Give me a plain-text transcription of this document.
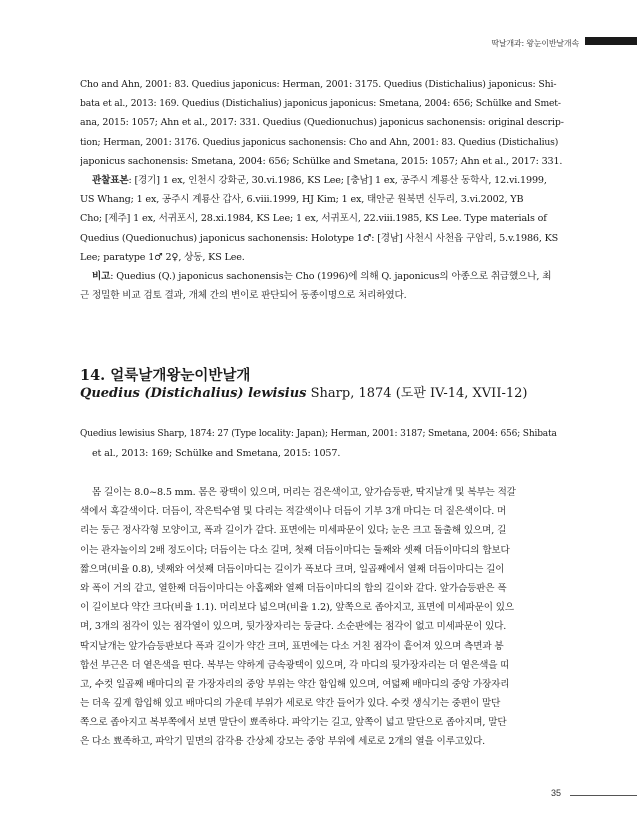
딱날개과: 왕눈이반날개속
Cho and Ahn, 2001: 83. Quedius japonicus: Herman, 2001: 3175. Quedius (Distichalius) japonicus: Shi-
bata et al., 2013: 169. Quedius (Distichalius) japonicus japonicus: Smetana, 2004: 656; Schülke and Smet-
ana, 2015: 1057; Ahn et al., 2017: 331. Quedius (Quedionuchus) japonicus sachonensis: original descrip-
tion; Herman, 2001: 3176. Quedius japonicus sachonensis: Cho and Ahn, 2001: 83. Quedius (Distichalius)
japonicus sachonensis: Smetana, 2004: 656; Schülke and Smetana, 2015: 1057; Ahn et al., 2017: 331.
관찰표본: [경기] 1 ex, 인천시 강화군, 30.vi.1986, KS Lee; [충남] 1 ex, 공주시 계룡산 동학사, 12.vi.1999,
US Whang; 1 ex, 공주시 계룡산 갑사, 6.viii.1999, HJ Kim; 1 ex, 태안군 원북면 신두리, 3.vi.2002, YB
Cho; [제주] 1 ex, 서귀포시, 28.xi.1984, KS Lee; 1 ex, 서귀포시, 22.viii.1985, KS Lee. Type materials of
Quedius (Quedionuchus) japonicus sachonensis: Holotype 1♂: [경남] 사천시 사천읍 구암리, 5.v.1986, KS
Lee; paratype 1♂ 2♀, 상동, KS Lee.
비고: Quedius (Q.) japonicus sachonensis는 Cho (1996)에 의해 Q. japonicus의 아종으로 취급했으나, 최
근 정밀한 비교 검토 결과, 개체 간의 변이로 판단되어 동종이명으로 처리하였다.
14. 얼룩날개왕눈이반날개
Quedius (Distichalius) lewisius Sharp, 1874 (도판 IV-14, XVII-12)
Quedius lewisius Sharp, 1874: 27 (Type locality: Japan); Herman, 2001: 3187; Smetana, 2004: 656; Shibata
et al., 2013: 169; Schülke and Smetana, 2015: 1057.
몸 길이는 8.0~8.5 mm. 몸은 광택이 있으며, 머리는 검은색이고, 앞가슴등판, 딱지날개 및 복부는 적갈
색에서 흑갈색이다. 더듬이, 작은턱수염 및 다리는 적갈색이나 더듬이 기부 3개 마디는 더 짙은색이다. 머
리는 둥근 정사각형 모양이고, 폭과 길이가 같다. 표면에는 미세파문이 있다; 눈은 크고 돌출해 있으며, 길
이는 관자놀이의 2배 정도이다; 더듬이는 다소 길며, 첫째 더듬이마디는 둘째와 셋째 더듬이마디의 합보다
짧으며(비율 0.8), 넷째와 여섯째 더듬이마디는 길이가 폭보다 크며, 일곱째에서 열째 더듬이마디는 길이
와 폭이 거의 같고, 열한째 더듬이마디는 아홉째와 열째 더듬이마디의 합의 길이와 같다. 앞가슴등판은 폭
이 길이보다 약간 크다(비율 1.1). 머리보다 넓으며(비율 1.2), 앞쪽으로 좁아지고, 표면에 미세파문이 있으
며, 3개의 점각이 있는 점각열이 있으며, 뒷가장자리는 둥글다. 소순판에는 점각이 없고 미세파문이 있다.
딱지날개는 앞가슴등판보다 폭과 길이가 약간 크며, 표면에는 다소 거친 점각이 흩어져 있으며 측면과 봉
합선 부근은 더 옅은색을 띤다. 복부는 약하게 금속광택이 있으며, 각 마디의 뒷가장자리는 더 옅은색을 띠
고, 수컷 일곱째 배마디의 끝 가장자리의 중앙 부위는 약간 함입해 있으며, 여덟째 배마디의 중앙 가장자리
는 더욱 깊게 함입해 있고 배마디의 가운데 부위가 세로로 약간 들어가 있다. 수컷 생식기는 중편이 말단
쪽으로 좁아지고 복부쪽에서 보면 말단이 뾰족하다. 파악기는 길고, 앞쪽이 넓고 말단으로 좁아지며, 말단
은 다소 뾰족하고, 파악기 밑면의 감각용 간상체 강모는 중앙 부위에 세로로 2개의 열을 이루고있다.
35
